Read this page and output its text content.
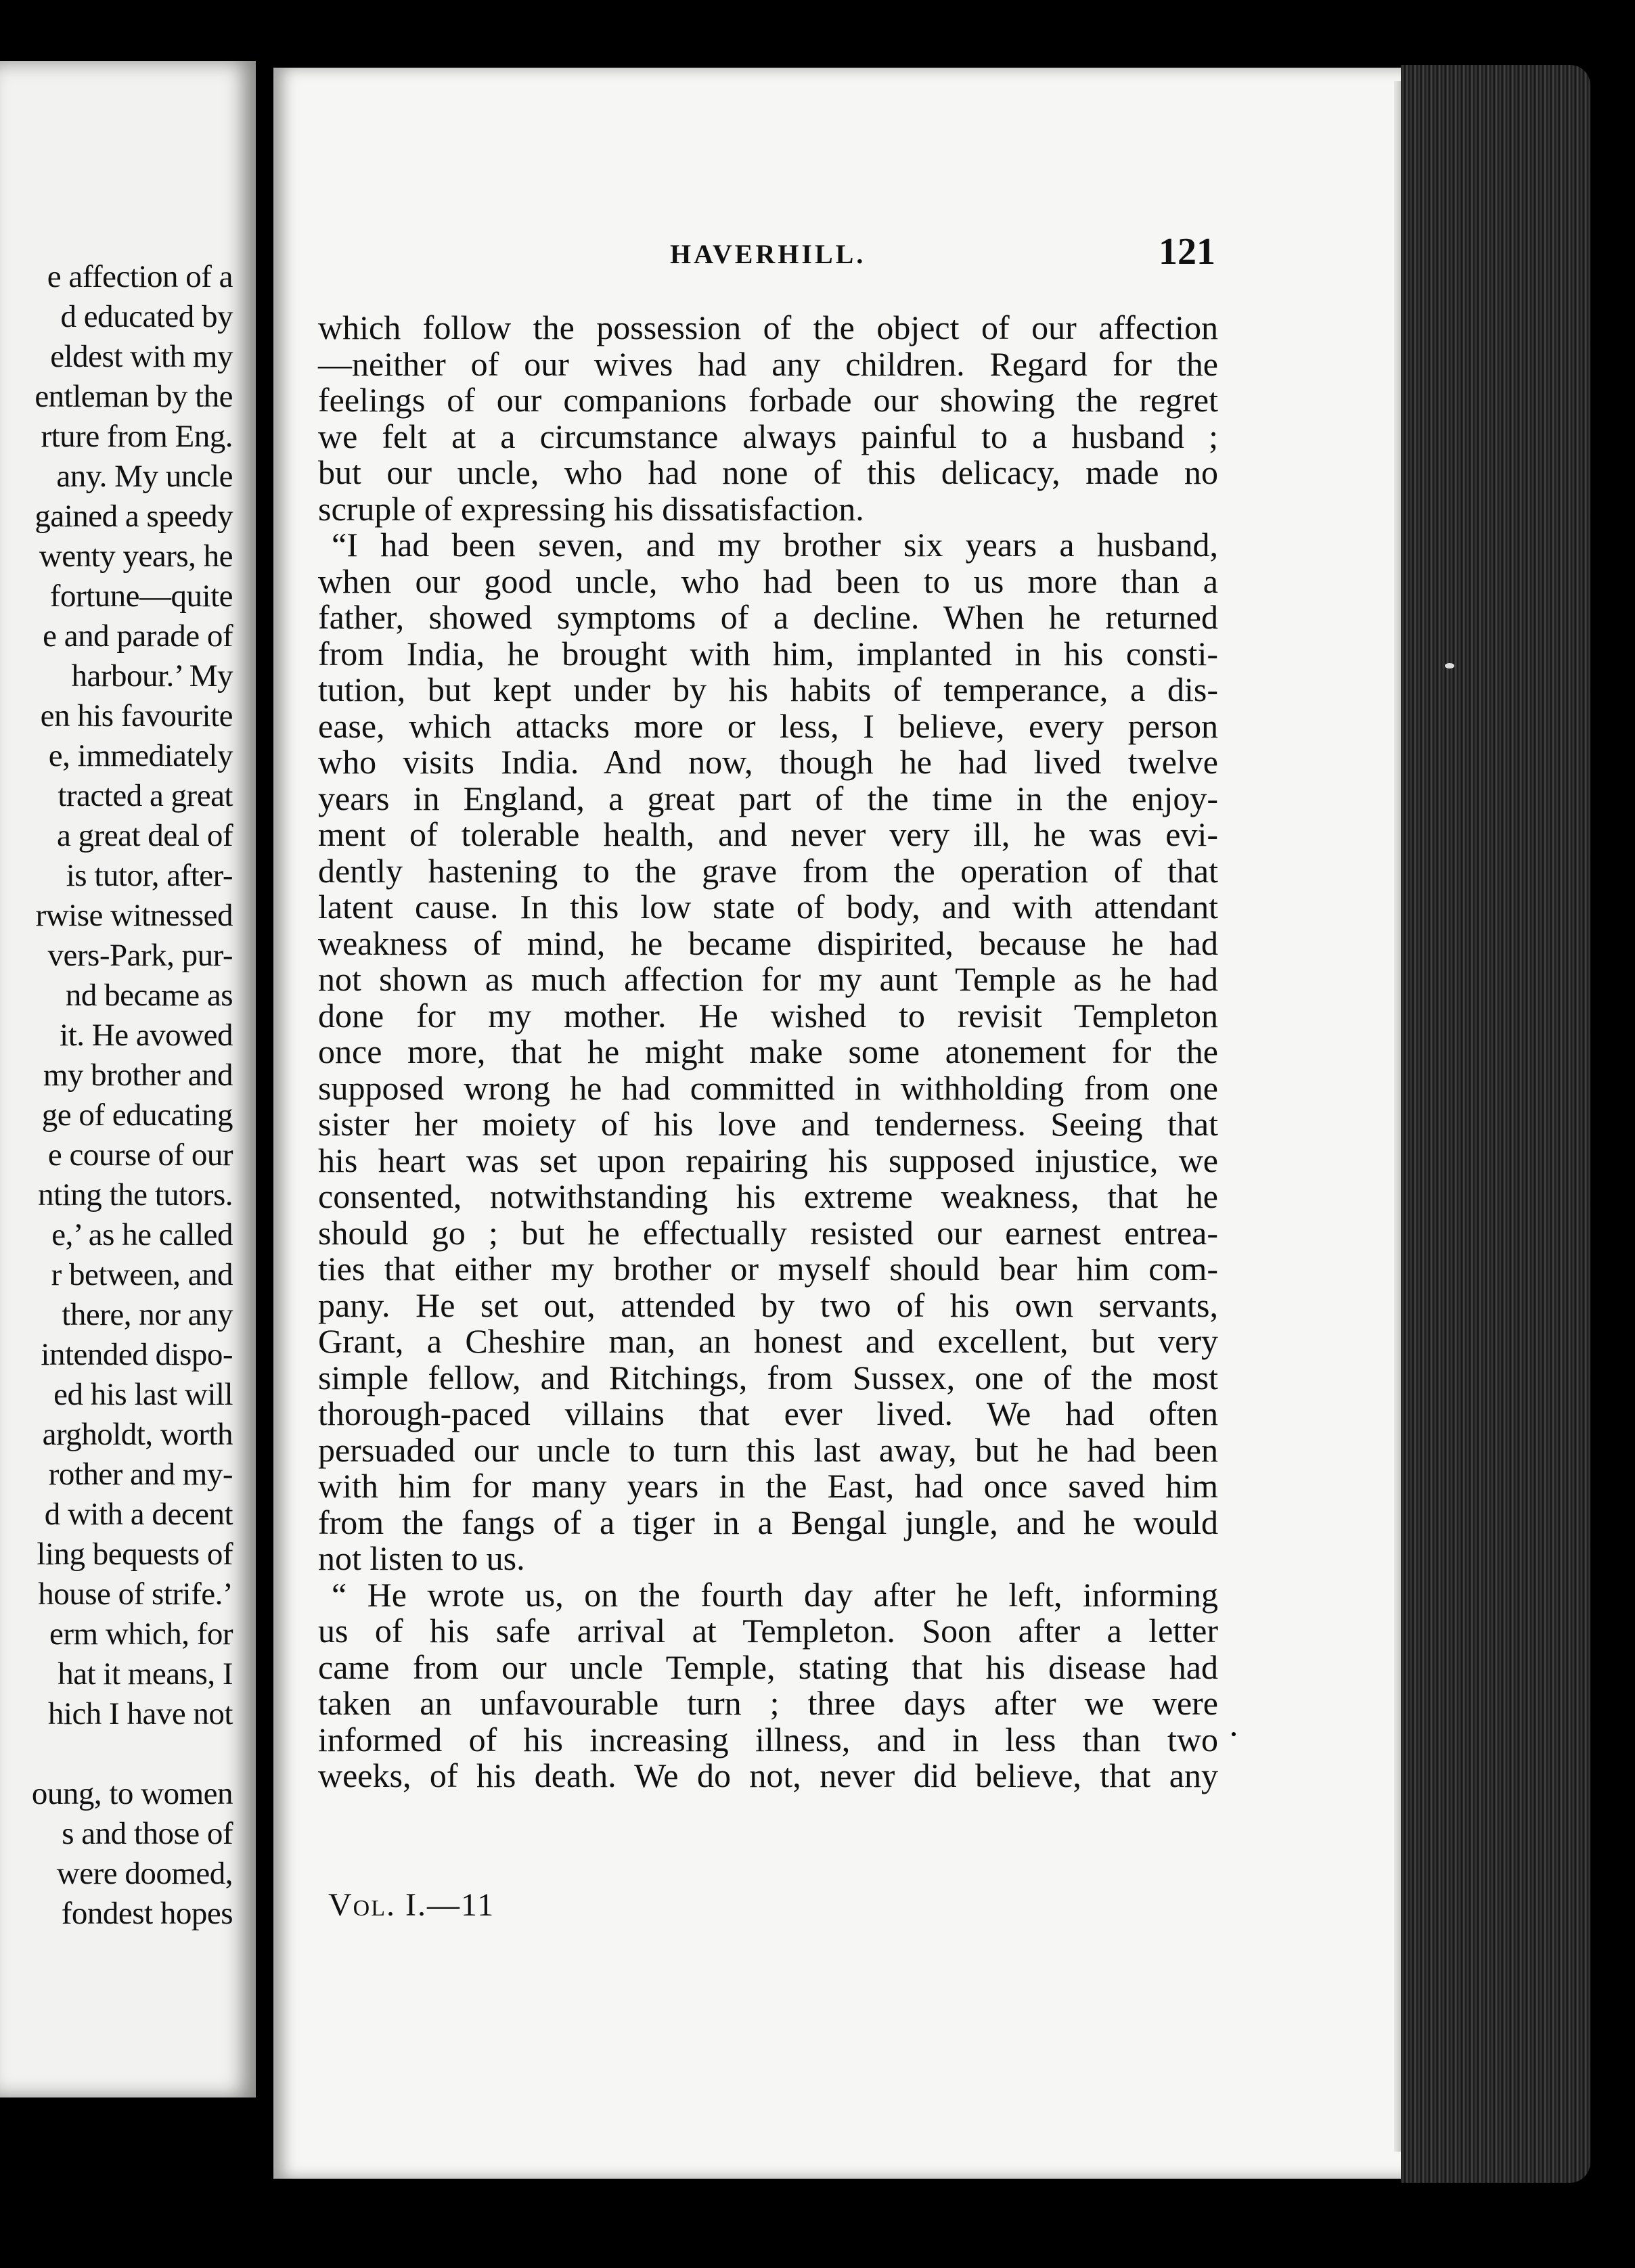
e affection of a
d educated by
eldest with my
entleman by the
rture from Eng.
any. My uncle
gained a speedy
wenty years, he
fortune—quite
e and parade of
harbour.’ My
en his favourite
e, immediately
tracted a great
a great deal of
is tutor, after-
rwise witnessed
vers-Park, pur-
nd became as
it. He avowed
my brother and
ge of educating
e course of our
nting the tutors.
e,’ as he called
r between, and
there, nor any
intended dispo-
ed his last will
argholdt, worth
rother and my-
d with a decent
ling bequests of
house of strife.’
erm which, for
hat it means, I
hich I have not

oung, to women
s and those of
were doomed,
fondest hopes
HAVERHILL.	121
which follow the possession of the object of our affection
—neither of our wives had any children. Regard for the
feelings of our companions forbade our showing the regret
we felt at a circumstance always painful to a husband ;
but our uncle, who had none of this delicacy, made no
scruple of expressing his dissatisfaction.
“I had been seven, and my brother six years a husband,
when our good uncle, who had been to us more than a
father, showed symptoms of a decline. When he returned
from India, he brought with him, implanted in his consti-
tution, but kept under by his habits of temperance, a dis-
ease, which attacks more or less, I believe, every person
who visits India. And now, though he had lived twelve
years in England, a great part of the time in the enjoy-
ment of tolerable health, and never very ill, he was evi-
dently hastening to the grave from the operation of that
latent cause. In this low state of body, and with attendant
weakness of mind, he became dispirited, because he had
not shown as much affection for my aunt Temple as he had
done for my mother. He wished to revisit Templeton
once more, that he might make some atonement for the
supposed wrong he had committed in withholding from one
sister her moiety of his love and tenderness. Seeing that
his heart was set upon repairing his supposed injustice, we
consented, notwithstanding his extreme weakness, that he
should go ; but he effectually resisted our earnest entrea-
ties that either my brother or myself should bear him com-
pany. He set out, attended by two of his own servants,
Grant, a Cheshire man, an honest and excellent, but very
simple fellow, and Ritchings, from Sussex, one of the most
thorough-paced villains that ever lived. We had often
persuaded our uncle to turn this last away, but he had been
with him for many years in the East, had once saved him
from the fangs of a tiger in a Bengal jungle, and he would
not listen to us.
“ He wrote us, on the fourth day after he left, informing
us of his safe arrival at Templeton. Soon after a letter
came from our uncle Temple, stating that his disease had
taken an unfavourable turn ; three days after we were
informed of his increasing illness, and in less than two
weeks, of his death. We do not, never did believe, that any
Vol. I.—11
